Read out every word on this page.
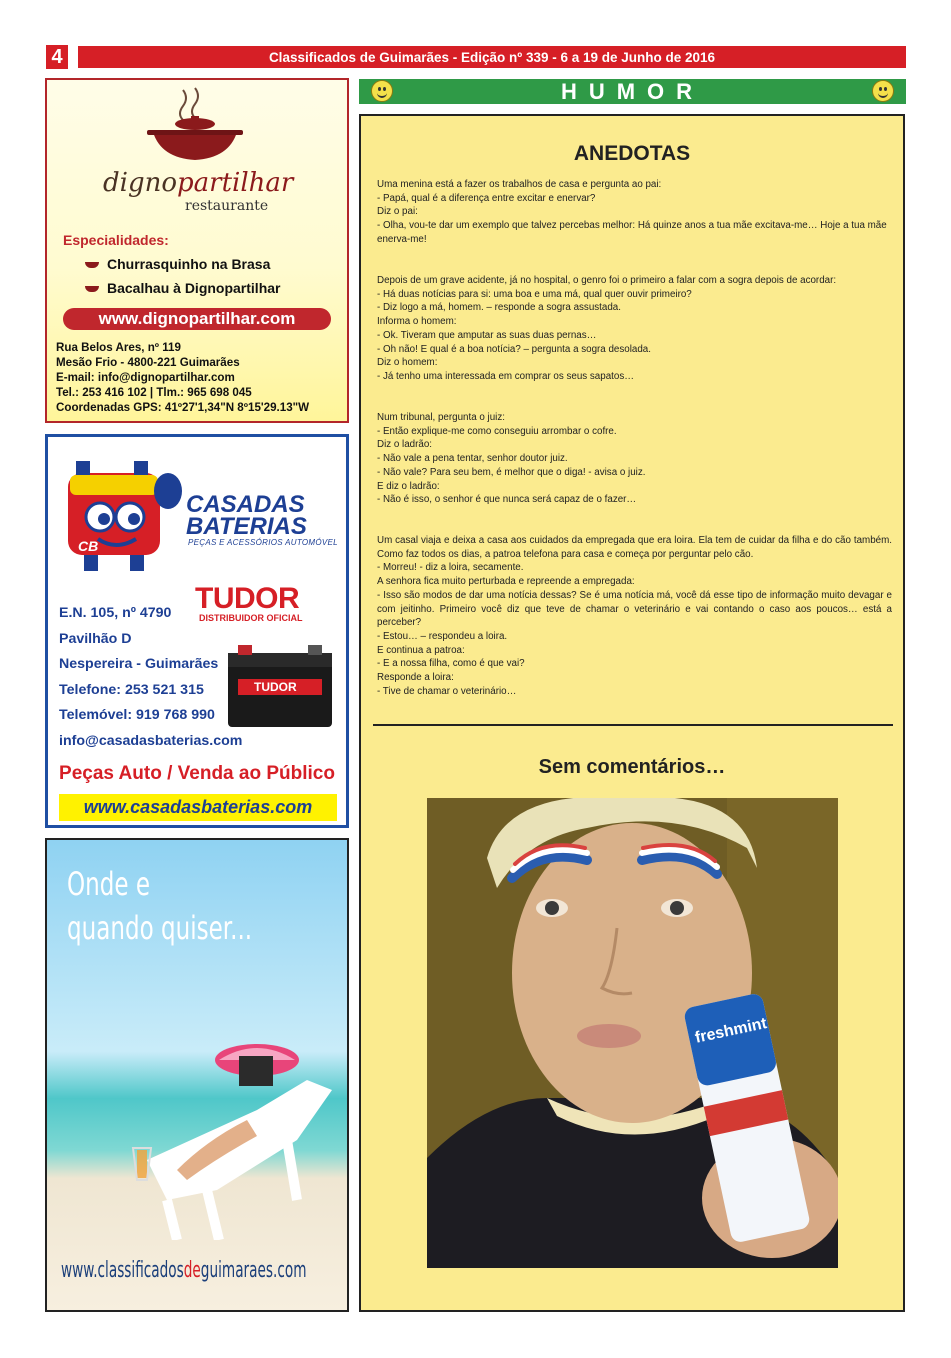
4	Classificados de Guimarães - Edição nº 339 - 6 a 19 de Junho de 2016
HUMOR
ANEDOTAS

Uma menina está a fazer os trabalhos de casa e pergunta ao pai:

- Papá, qual é a diferença entre excitar e enervar?

Diz o pai:

- Olha, vou-te dar um exemplo que talvez percebas melhor: Há quinze anos a tua mãe excitava-me… Hoje a tua mãe enerva-me!

Depois de um grave acidente, já no hospital, o genro foi o primeiro a falar com a sogra depois de acordar:

- Há duas notícias para si: uma boa e uma má, qual quer ouvir primeiro?

- Diz logo a má, homem. – responde a sogra assustada.

Informa o homem:

- Ok. Tiveram que amputar as suas duas pernas…

- Oh não! E qual é a boa notícia? – pergunta a sogra desolada.

Diz o homem:

- Já tenho uma interessada em comprar os seus sapatos…

Num tribunal, pergunta o juiz:

- Então explique-me como conseguiu arrombar o cofre.

Diz o ladrão:

- Não vale a pena tentar, senhor doutor juiz.

- Não vale? Para seu bem, é melhor que o diga! - avisa o juiz.

E diz o ladrão:

- Não é isso, o senhor é que nunca será capaz de o fazer…

Um casal viaja e deixa a casa aos cuidados da empregada que era loira. Ela tem de cuidar da filha e do cão também. Como faz todos os dias, a patroa telefona para casa e começa por perguntar pelo cão.

- Morreu! - diz a loira, secamente.

A senhora fica muito perturbada e repreende a empregada:

- Isso são modos de dar uma notícia dessas? Se é uma notícia má, você dá esse tipo de informação muito devagar e com jeitinho. Primeiro você diz que teve de chamar o veterinário e vai contando o caso aos poucos… está a perceber?

- Estou… – respondeu a loira.

E continua a patroa:

- E a nossa filha, como é que vai?

Responde a loira:

- Tive de chamar o veterinário…

Sem comentários…
freshmint
dignopartilhar
restaurante
Especialidades:
Churrasquinho na Brasa
Bacalhau à Dignopartilhar
www.dignopartilhar.com
Rua Belos Ares, nº 119
Mesão Frio - 4800-221 Guimarães
E-mail: info@dignopartilhar.com
Tel.: 253 416 102 | Tlm.: 965 698 045
Coordenadas GPS: 41º27'1,34"N 8º15'29.13"W
CB
CASADAS
BATERIAS
PEÇAS E ACESSÓRIOS AUTOMÓVEL
TUDOR
DISTRIBUIDOR OFICIAL
TUDOR
E.N. 105, nº 4790
Pavilhão D
Nespereira - Guimarães
Telefone: 253 521 315
Telemóvel: 919 768 990
info@casadasbaterias.com
Peças Auto / Venda ao Público
www.casadasbaterias.com
Onde e
quando quiser...
www.classificadosdeguimaraes.com
